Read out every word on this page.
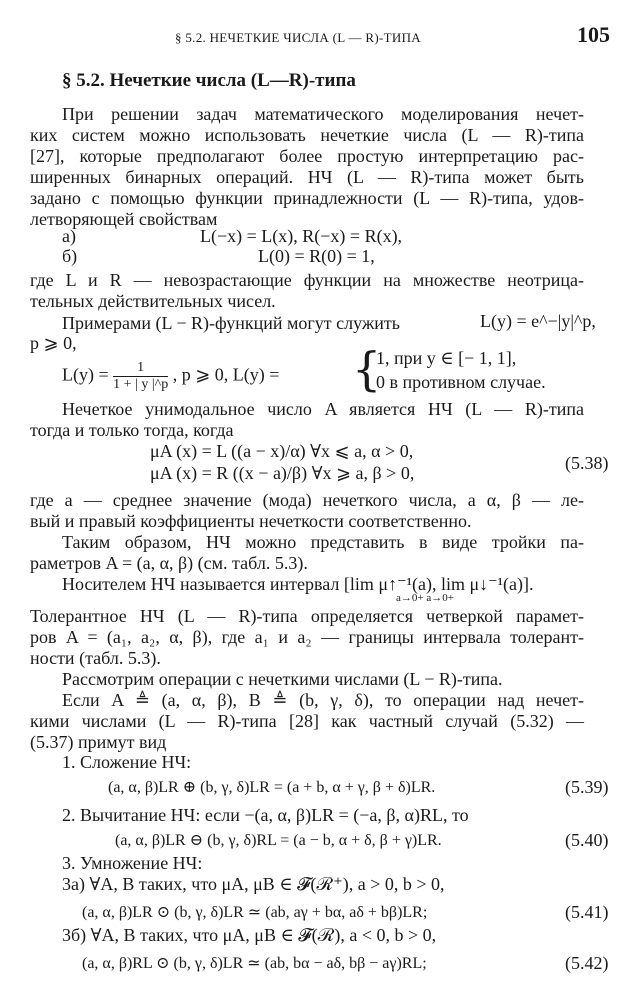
§ 5.2. НЕЧЕТКИЕ ЧИСЛА (L — R)-ТИПА	105
§ 5.2. Нечеткие числа (L—R)-типа
При решении задач математического моделирования нечет-
ких систем можно использовать нечеткие числа (L — R)-типа
[27], которые предполагают более простую интерпретацию рас-
ширенных бинарных операций. НЧ (L — R)-типа может быть
задано с помощью функции принадлежности (L — R)-типа, удов-
летворяющей свойствам
а)	L(−x) = L(x), R(−x) = R(x),
б)	L(0) = R(0) = 1,
где L и R — невозрастающие функции на множестве неотрица-
тельных действительных чисел.
Примерами (L − R)-функций могут служить	L(y) = e^−|y|^p,
p ⩾ 0,
$L(y) = \frac{1}{1 + | y |\^{}p}$ , p ⩾ 0, L(y) = {
1, при y ∈ [− 1, 1],
0 в противном случае.
Нечеткое унимодальное число A является НЧ (L — R)-типа
тогда и только тогда, когда
μA (x) = L ((a − x)/α) ∀x ⩽ a, α > 0,
μA (x) = R ((x − a)/β) ∀x ⩾ a, β > 0,	(5.38)
где a — среднее значение (мода) нечеткого числа, a α, β — ле-
вый и правый коэффициенты нечеткости соответственно.
Таким образом, НЧ можно представить в виде тройки па-
раметров A = (a, α, β) (см. табл. 5.3).
Носителем НЧ называется интервал [lim μ↑⁻¹(a), lim μ↓⁻¹(a)].
a→0+ a→0+
Толерантное НЧ (L — R)-типа определяется четверкой парамет-
ров A = (a₁, a₂, α, β), где a₁ и a₂ — границы интервала толерант-
ности (табл. 5.3).
Рассмотрим операции с нечеткими числами (L − R)-типа.
Если A ≜ (a, α, β), B ≜ (b, γ, δ), то операции над нечет-
кими числами (L — R)-типа [28] как частный случай (5.32) —
(5.37) примут вид
1. Сложение НЧ:
(a, α, β)LR ⊕ (b, γ, δ)LR = (a + b, α + γ, β + δ)LR.	(5.39)
2. Вычитание НЧ: если −(a, α, β)LR = (−a, β, α)RL, то
(a, α, β)LR ⊖ (b, γ, δ)RL = (a − b, α + δ, β + γ)LR.	(5.40)
3. Умножение НЧ:
3а) ∀A, B таких, что μA, μB ∈ 𝓕(ℛ⁺), a > 0, b > 0,
(a, α, β)LR ⊙ (b, γ, δ)LR ≃ (ab, aγ + bα, aδ + bβ)LR;	(5.41)
3б) ∀A, B таких, что μA, μB ∈ 𝓕(ℛ), a < 0, b > 0,
(a, α, β)RL ⊙ (b, γ, δ)LR ≃ (ab, bα − aδ, bβ − aγ)RL;	(5.42)
